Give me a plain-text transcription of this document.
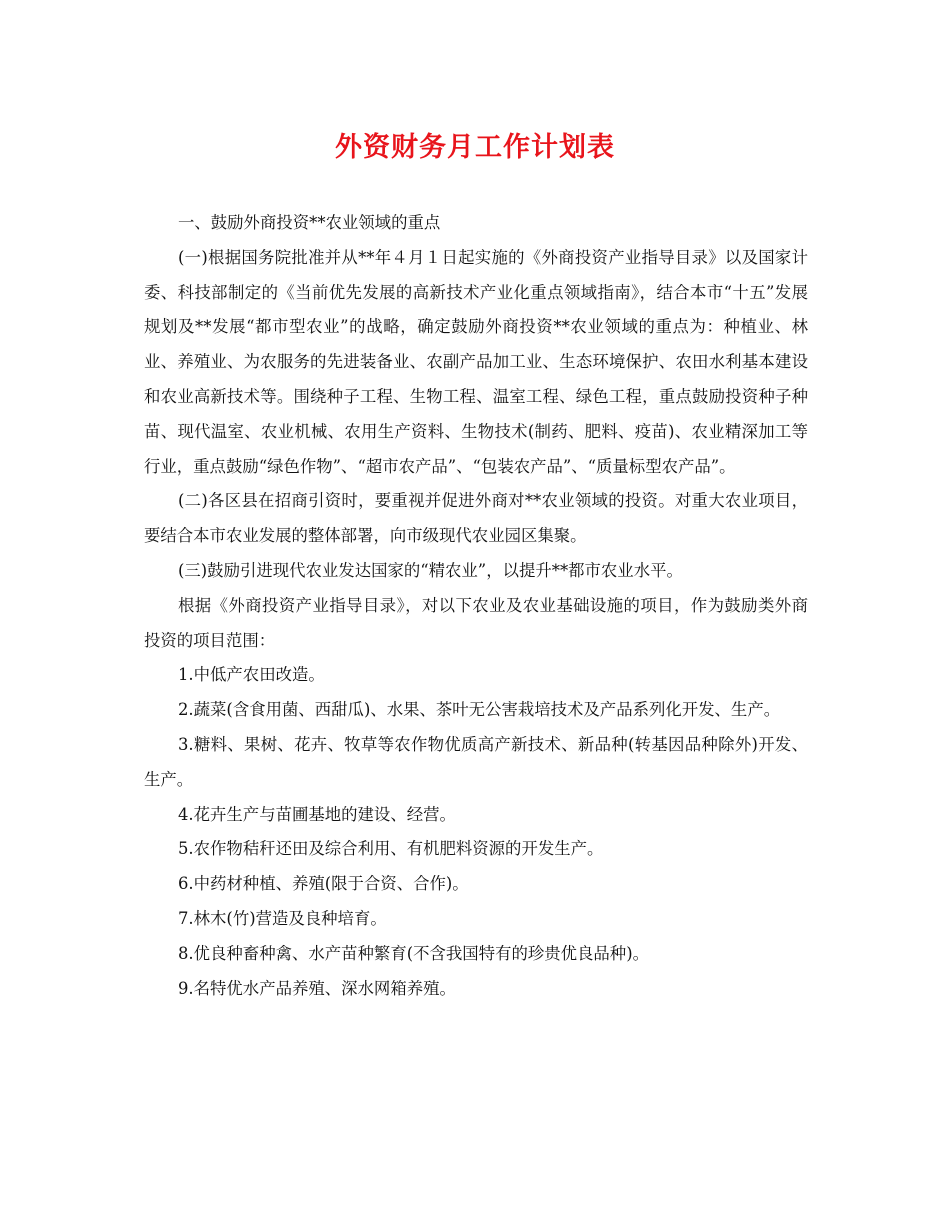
外资财务月工作计划表

一、鼓励外商投资**农业领域的重点

(一)根据国务院批准并从**年４月１日起实施的《外商投资产业指导目录》以及国家计委、科技部制定的《当前优先发展的高新技术产业化重点领域指南》，结合本市“十五”发展规划及**发展“都市型农业”的战略，确定鼓励外商投资**农业领域的重点为：种植业、林业、养殖业、为农服务的先进装备业、农副产品加工业、生态环境保护、农田水利基本建设和农业高新技术等。围绕种子工程、生物工程、温室工程、绿色工程，重点鼓励投资种子种苗、现代温室、农业机械、农用生产资料、生物技术(制药、肥料、疫苗)、农业精深加工等行业，重点鼓励“绿色作物”、“超市农产品”、“包装农产品”、“质量标型农产品”。

(二)各区县在招商引资时，要重视并促进外商对**农业领域的投资。对重大农业项目，要结合本市农业发展的整体部署，向市级现代农业园区集聚。

(三)鼓励引进现代农业发达国家的“精农业”，以提升**都市农业水平。

根据《外商投资产业指导目录》，对以下农业及农业基础设施的项目，作为鼓励类外商投资的项目范围：

1.中低产农田改造。

2.蔬菜(含食用菌、西甜瓜)、水果、茶叶无公害栽培技术及产品系列化开发、生产。

3.糖料、果树、花卉、牧草等农作物优质高产新技术、新品种(转基因品种除外)开发、生产。

4.花卉生产与苗圃基地的建设、经营。

5.农作物秸秆还田及综合利用、有机肥料资源的开发生产。

6.中药材种植、养殖(限于合资、合作)。

7.林木(竹)营造及良种培育。

8.优良种畜种禽、水产苗种繁育(不含我国特有的珍贵优良品种)。

9.名特优水产品养殖、深水网箱养殖。
